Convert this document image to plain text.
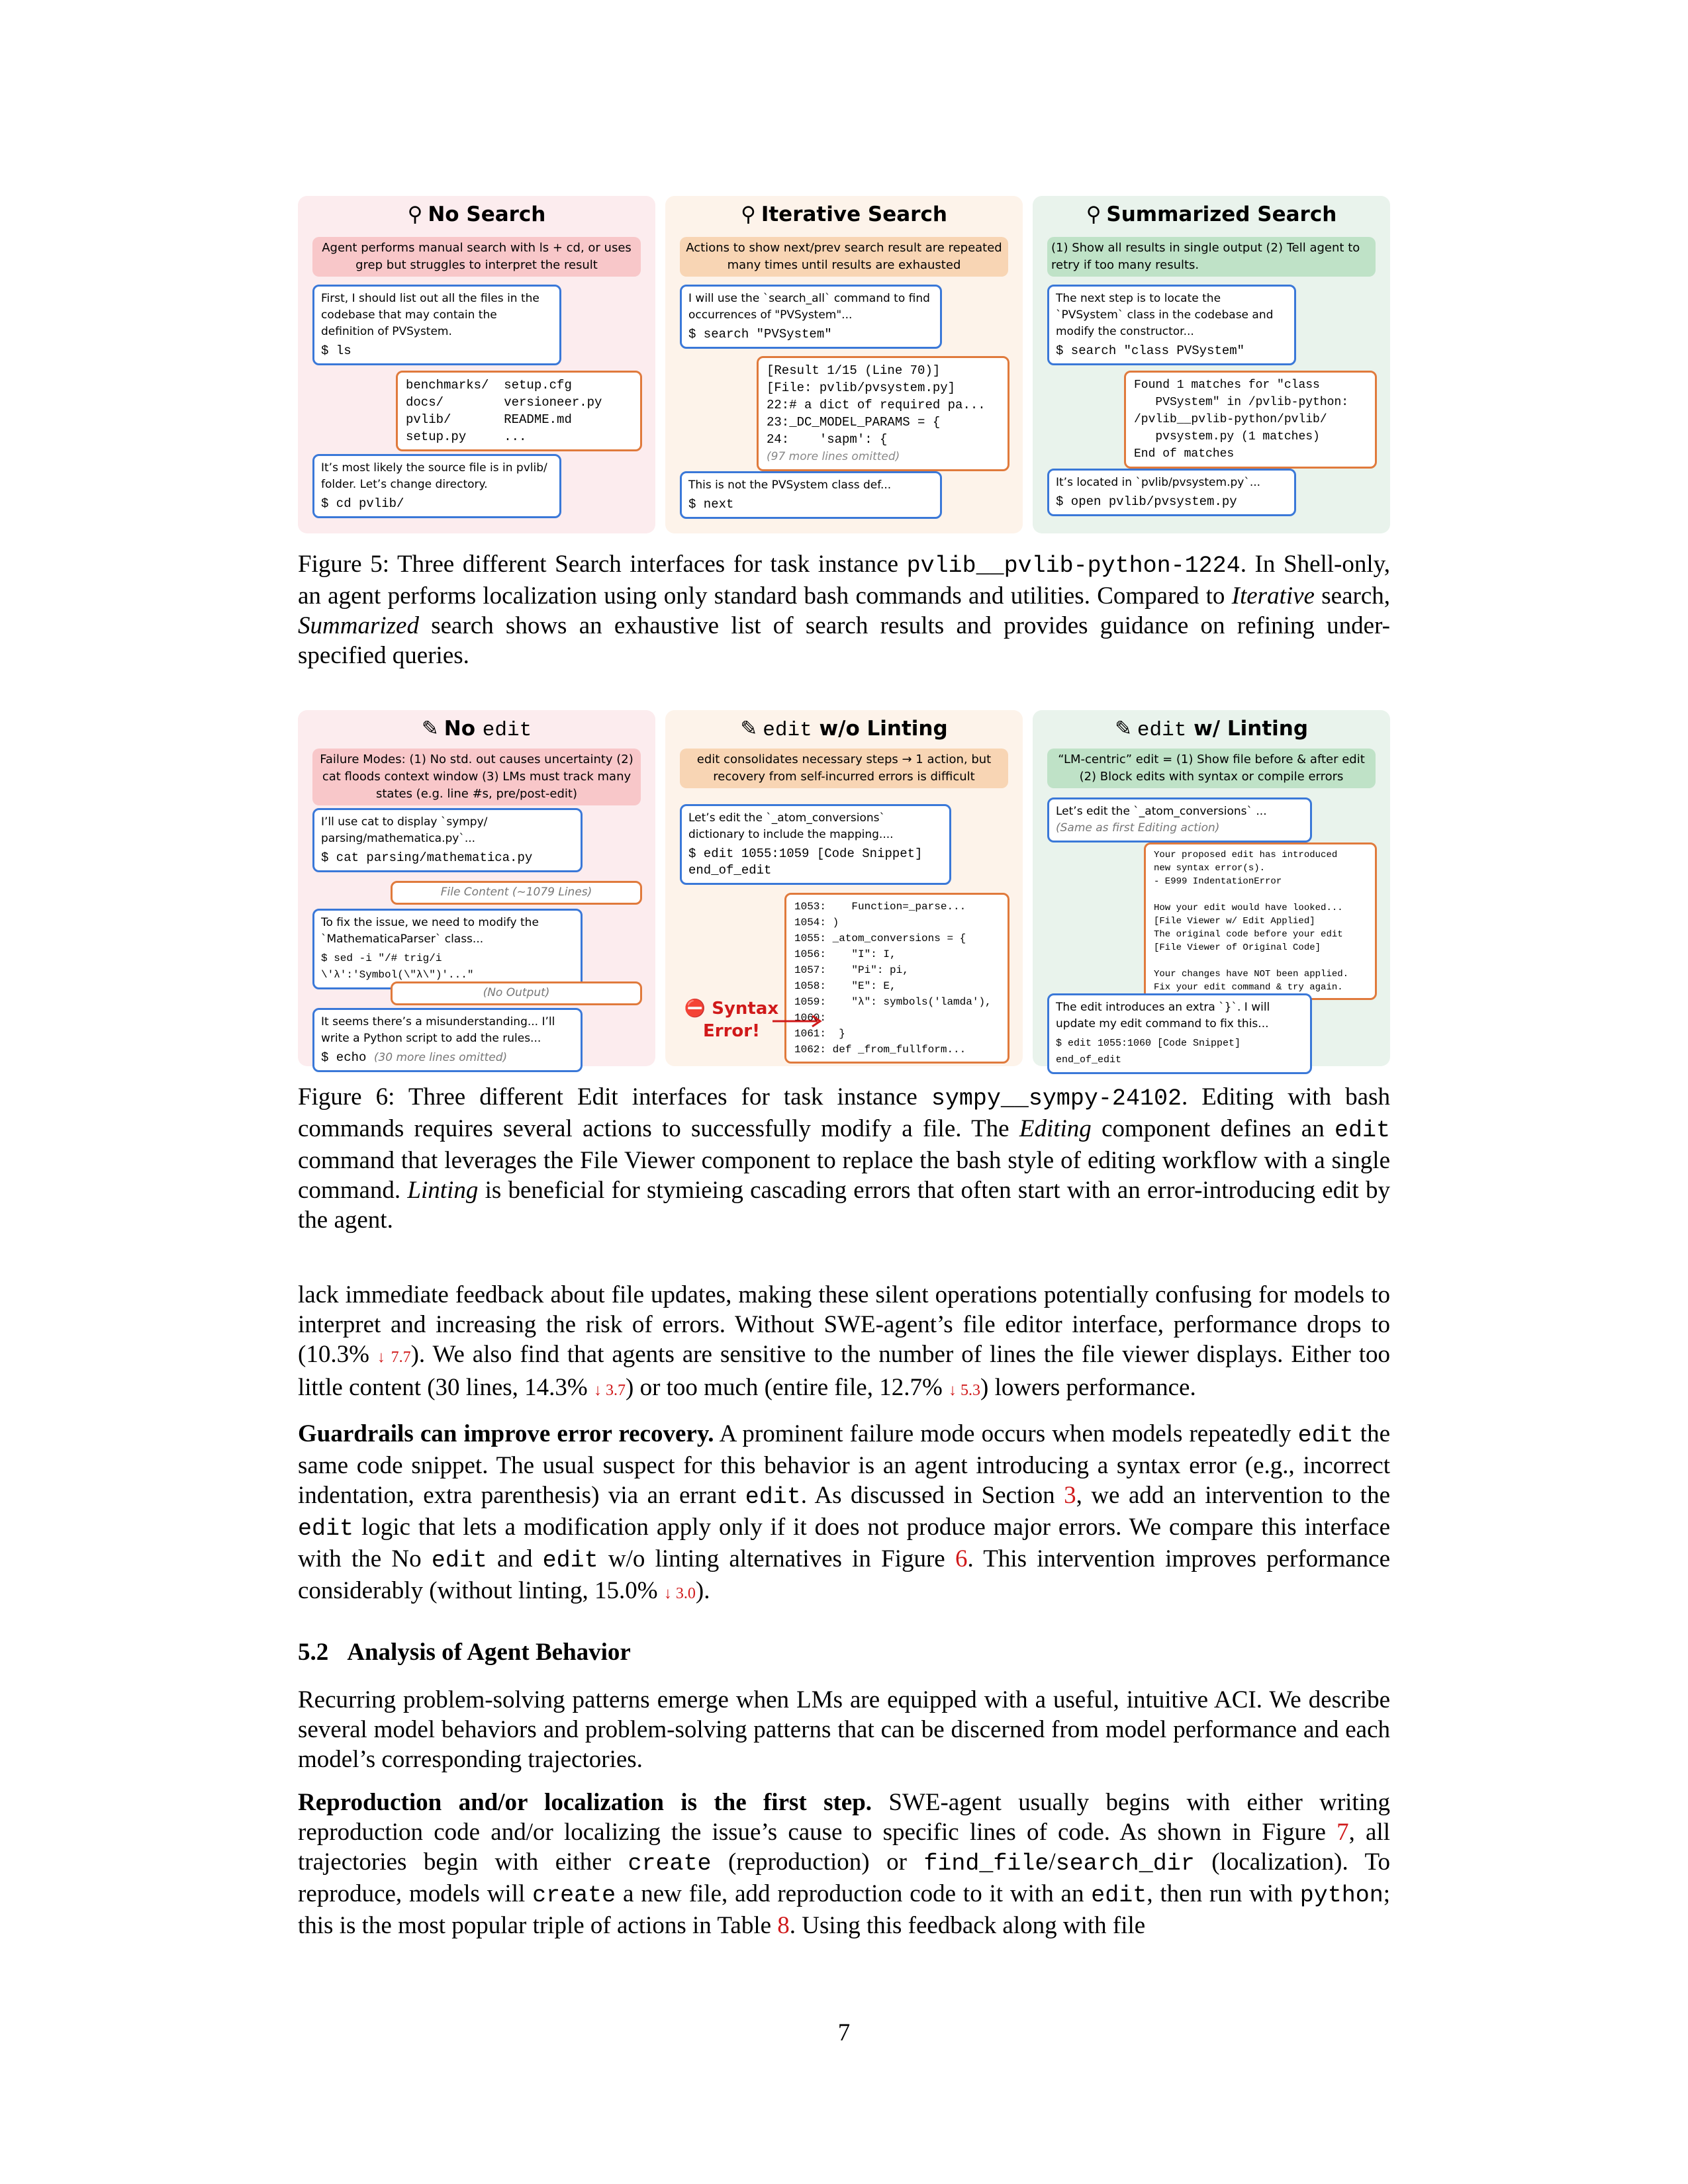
⚲ No Search
Agent performs manual search with ls + cd, or uses grep but struggles to interpret the result
First, I should list out all the files in the codebase that may contain the definition of PVSystem.
$ ls
benchmarks/  setup.cfg
docs/        versioneer.py
pvlib/       README.md
setup.py     ...
It’s most likely the source file is in pvlib/ folder. Let’s change directory.
$ cd pvlib/
⚲ Iterative Search
Actions to show next/prev search result are repeated many times until results are exhausted
I will use the `search_all` command to find occurrences of "PVSystem"...
$ search "PVSystem"
[Result 1/15 (Line 70)]
[File: pvlib/pvsystem.py]
22:# a dict of required pa...
23:_DC_MODEL_PARAMS = {
24:    'sapm': {
(97 more lines omitted)
This is not the PVSystem class def...
$ next
⚲ Summarized Search
(1) Show all results in single output (2) Tell agent to retry if too many results.
The next step is to locate the `PVSystem` class in the codebase and modify the constructor...
$ search "class PVSystem"
Found 1 matches for "class
PVSystem" in /pvlib-python:
/pvlib__pvlib-python/pvlib/
pvsystem.py (1 matches)
End of matches
It’s located in `pvlib/pvsystem.py`...
$ open pvlib/pvsystem.py
Figure 5: Three different Search interfaces for task instance pvlib__pvlib-python-1224. In Shell-only, an agent performs localization using only standard bash commands and utilities. Compared to Iterative search, Summarized search shows an exhaustive list of search results and provides guidance on refining under-specified queries.
✎ No edit
Failure Modes: (1) No std. out causes uncertainty (2) cat floods context window (3) LMs must track many states (e.g. line #s, pre/post-edit)
I’ll use cat to display `sympy/ parsing/mathematica.py`...
$ cat parsing/mathematica.py
File Content (~1079 Lines)
To fix the issue, we need to modify the `MathematicaParser` class...
$ sed -i "/# trig/i \'λ':'Symbol(\"λ\")'..."
(No Output)
It seems there’s a misunderstanding... I’ll write a Python script to add the rules...
$ echo (30 more lines omitted)
✎ edit w/o Linting
edit consolidates necessary steps → 1 action, but recovery from self-incurred errors is difficult
Let’s edit the `_atom_conversions` dictionary to include the mapping....
$ edit 1055:1059 [Code Snippet]
end_of_edit
1053:    Function=_parse...
1054: )
1055: _atom_conversions = {
1056:    "I": I,
1057:    "Pi": pi,
1058:    "E": E,
1059:    "λ": symbols('lamda'),
1060:
1061:  }
1062: def _from_fullform...
⛔ Syntax Error!
✎ edit w/ Linting
“LM-centric” edit = (1) Show file before & after edit (2) Block edits with syntax or compile errors
Let’s edit the `_atom_conversions` ...
(Same as first Editing action)
Your proposed edit has introduced
new syntax error(s).
- E999 IndentationError

How your edit would have looked...
[File Viewer w/ Edit Applied]
The original code before your edit
[File Viewer of Original Code]

Your changes have NOT been applied.
Fix your edit command & try again.
The edit introduces an extra `}`. I will update my edit command to fix this...
$ edit 1055:1060 [Code Snippet] end_of_edit
Figure 6: Three different Edit interfaces for task instance sympy__sympy-24102. Editing with bash commands requires several actions to successfully modify a file. The Editing component defines an edit command that leverages the File Viewer component to replace the bash style of editing workflow with a single command. Linting is beneficial for stymieing cascading errors that often start with an error-introducing edit by the agent.

lack immediate feedback about file updates, making these silent operations potentially confusing for models to interpret and increasing the risk of errors. Without SWE-agent’s file editor interface, performance drops to (10.3% ↓ 7.7). We also find that agents are sensitive to the number of lines the file viewer displays. Either too little content (30 lines, 14.3% ↓ 3.7) or too much (entire file, 12.7% ↓ 5.3) lowers performance.

Guardrails can improve error recovery. A prominent failure mode occurs when models repeatedly edit the same code snippet. The usual suspect for this behavior is an agent introducing a syntax error (e.g., incorrect indentation, extra parenthesis) via an errant edit. As discussed in Section 3, we add an intervention to the edit logic that lets a modification apply only if it does not produce major errors. We compare this interface with the No edit and edit w/o linting alternatives in Figure 6. This intervention improves performance considerably (without linting, 15.0% ↓ 3.0).

5.2 Analysis of Agent Behavior

Recurring problem-solving patterns emerge when LMs are equipped with a useful, intuitive ACI. We describe several model behaviors and problem-solving patterns that can be discerned from model performance and each model’s corresponding trajectories.

Reproduction and/or localization is the first step. SWE-agent usually begins with either writing reproduction code and/or localizing the issue’s cause to specific lines of code. As shown in Figure 7, all trajectories begin with either create (reproduction) or find_file/search_dir (localization). To reproduce, models will create a new file, add reproduction code to it with an edit, then run with python; this is the most popular triple of actions in Table 8. Using this feedback along with file

7
